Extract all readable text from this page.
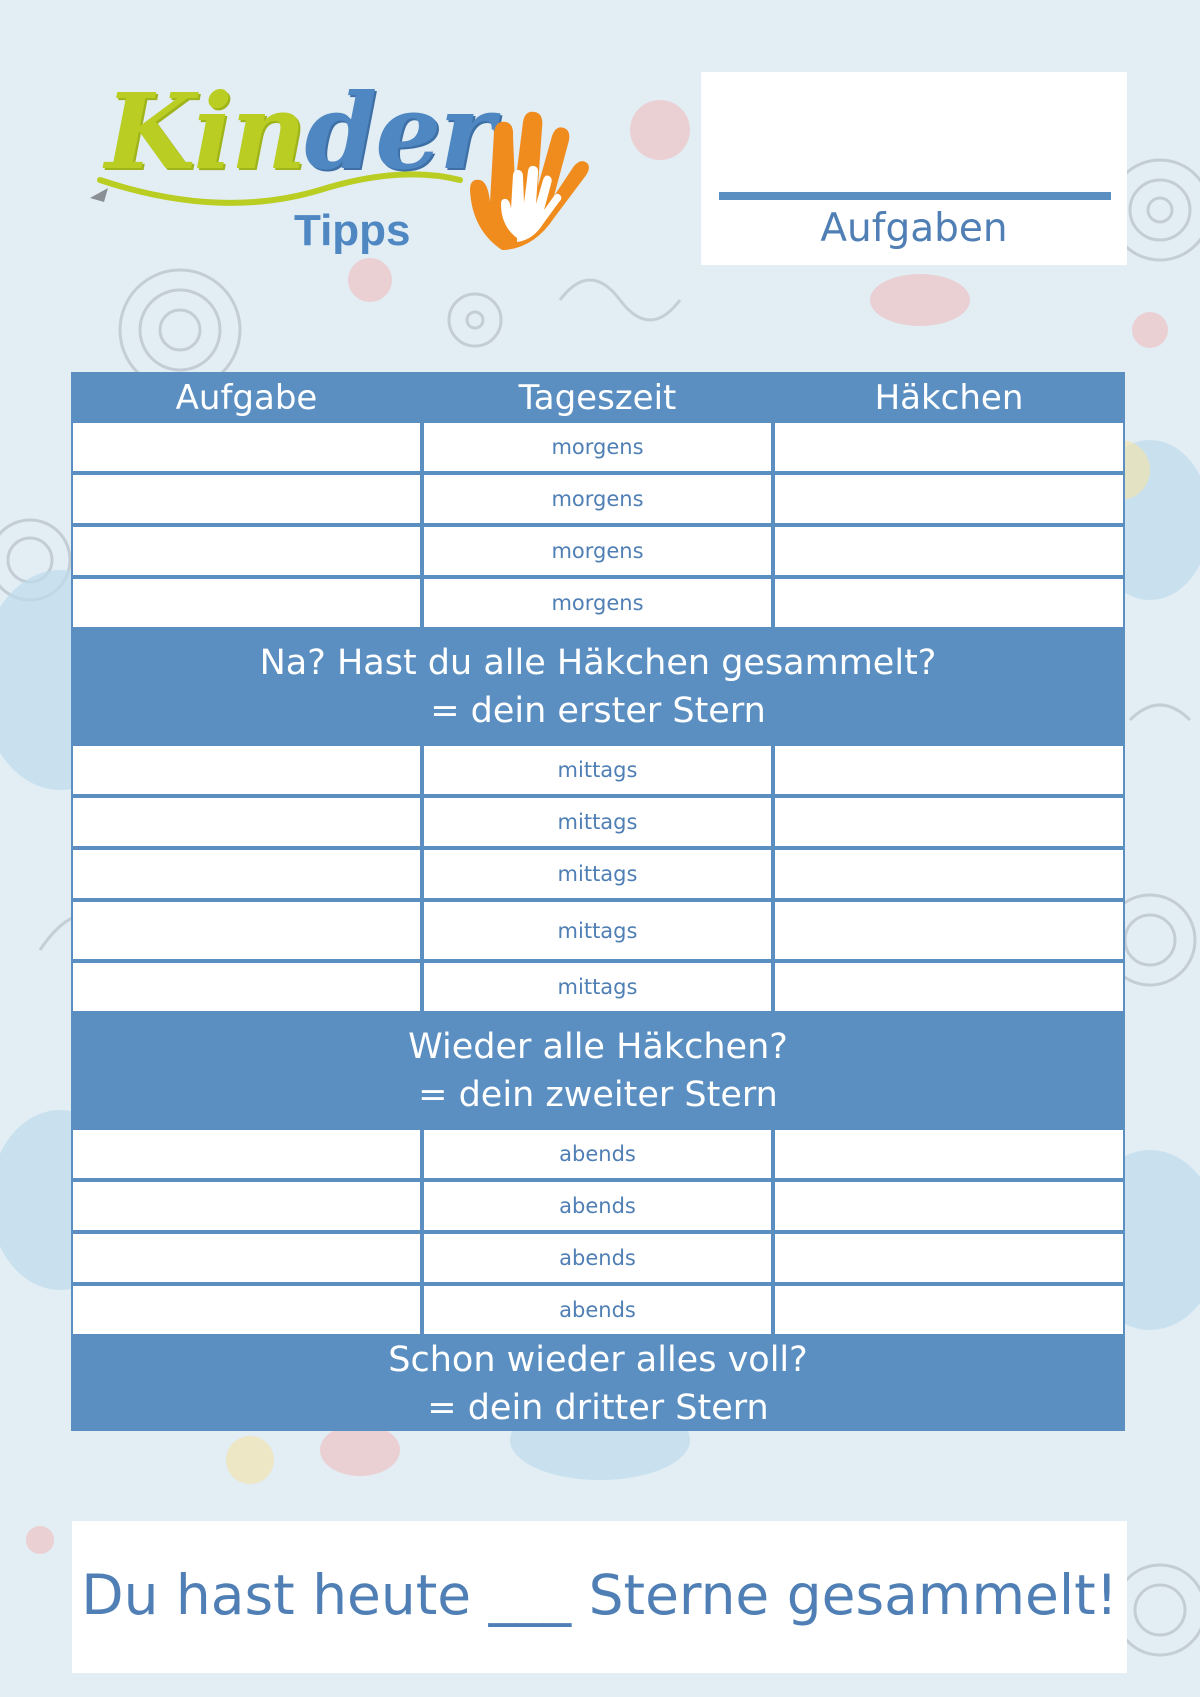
Kinder
Tipps	Aufgaben
Aufgabe	Tageszeit	Häkchen
morgens
morgens
morgens
morgens
Na? Hast du alle Häkchen gesammelt?
= dein erster Stern
mittags
mittags
mittags
mittags
mittags
Wieder alle Häkchen?
= dein zweiter Stern
abends
abends
abends
abends
Schon wieder alles voll?
= dein dritter Stern
Du hast heute ___ Sterne gesammelt!
